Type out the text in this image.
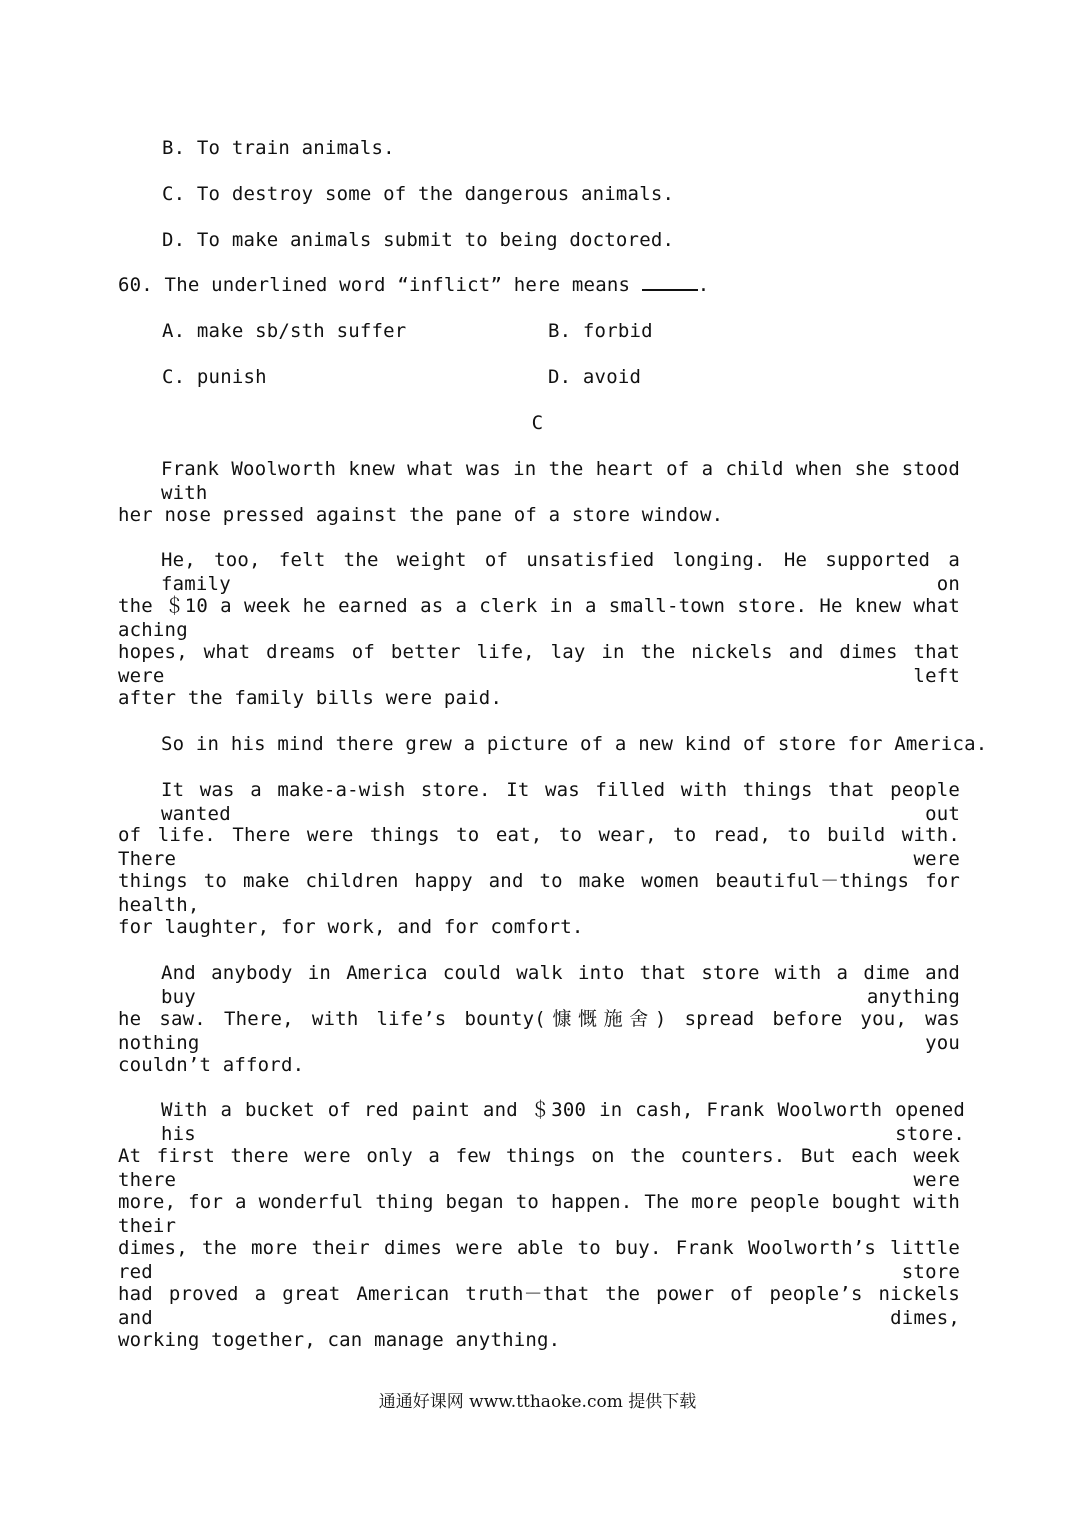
B. To train animals.
C. To destroy some of the dangerous animals.
D. To make animals submit to being doctored.
60. The underlined word “inflict” here means	.
A. make sb/sth suffer	B. forbid
C. punish	D. avoid
C
Frank Woolworth knew what was in the heart of a child when she stood with
her nose pressed against the pane of a store window.
He, too, felt the weight of unsatisfied longing. He supported a family on
the ＄10 a week he earned as a clerk in a small-town store. He knew what aching
hopes, what dreams of better life, lay in the nickels and dimes that were left
after the family bills were paid.
So in his mind there grew a picture of a new kind of store for America.
It was a make-a-wish store. It was filled with things that people wanted out
of life. There were things to eat, to wear, to read, to build with. There were
things to make children happy and to make women beautiful－things for health,
for laughter, for work, and for comfort.
And anybody in America could walk into that store with a dime and buy anything
he saw. There, with life’s bounty(慷慨施舍) spread before you, was nothing you
couldn’t afford.
With a bucket of red paint and ＄300 in cash, Frank Woolworth opened his store.
At first there were only a few things on the counters. But each week there were
more, for a wonderful thing began to happen. The more people bought with their
dimes, the more their dimes were able to buy. Frank Woolworth’s little red store
had proved a great American truth－that the power of people’s nickels and dimes,
working together, can manage anything.
通通好课网 www.tthaoke.com 提供下载
